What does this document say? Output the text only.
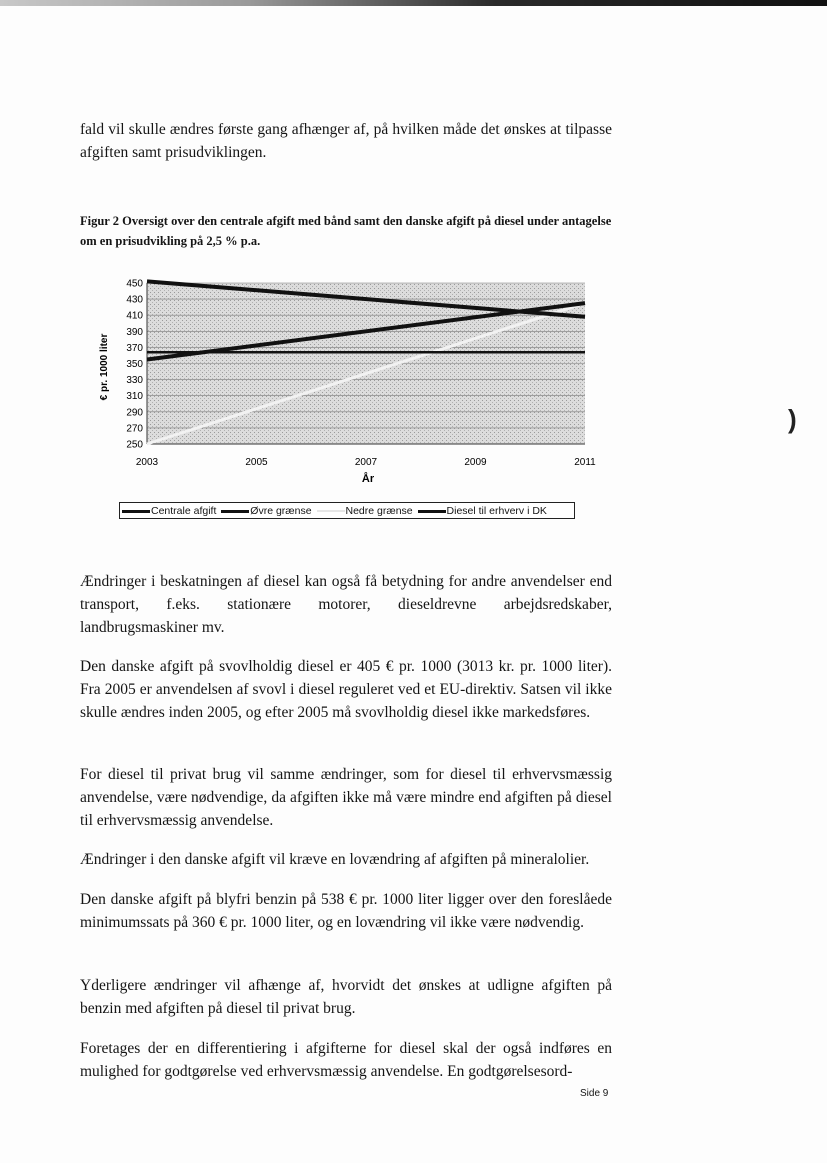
fald vil skulle ændres første gang afhænger af, på hvilken måde det ønskes at tilpasse afgiften samt prisudviklingen.

Figur 2 Oversigt over den centrale afgift med bånd samt den danske afgift på diesel under antagelse om en prisudvikling på 2,5 % p.a.

450
430
410
390
370
350
330
310
290
270
250
2003	2005	2007	2009	2011
€ pr. 1000 liter
År
Centrale afgift	Øvre grænse	Nedre grænse	Diesel til erhverv i DK

Ændringer i beskatningen af diesel kan også få betydning for andre anvendelser end transport, f.eks. stationære motorer, dieseldrevne arbejdsredskaber, landbrugsmaskiner mv.

Den danske afgift på svovlholdig diesel er 405 € pr. 1000 (3013 kr. pr. 1000 liter). Fra 2005 er anvendelsen af svovl i diesel reguleret ved et EU-direktiv. Satsen vil ikke skulle ændres inden 2005, og efter 2005 må svovlholdig diesel ikke markedsføres.

For diesel til privat brug vil samme ændringer, som for diesel til erhvervsmæssig anvendelse, være nødvendige, da afgiften ikke må være mindre end afgiften på diesel til erhvervsmæssig anvendelse.

Ændringer i den danske afgift vil kræve en lovændring af afgiften på mineralolier.

Den danske afgift på blyfri benzin på 538 € pr. 1000 liter ligger over den foreslåede minimumssats på 360 € pr. 1000 liter, og en lovændring vil ikke være nødvendig.

Yderligere ændringer vil afhænge af, hvorvidt det ønskes at udligne afgiften på benzin med afgiften på diesel til privat brug.

Foretages der en differentiering i afgifterne for diesel skal der også indføres en mulighed for godtgørelse ved erhvervsmæssig anvendelse. En godtgørelsesord-

Side 9
)
